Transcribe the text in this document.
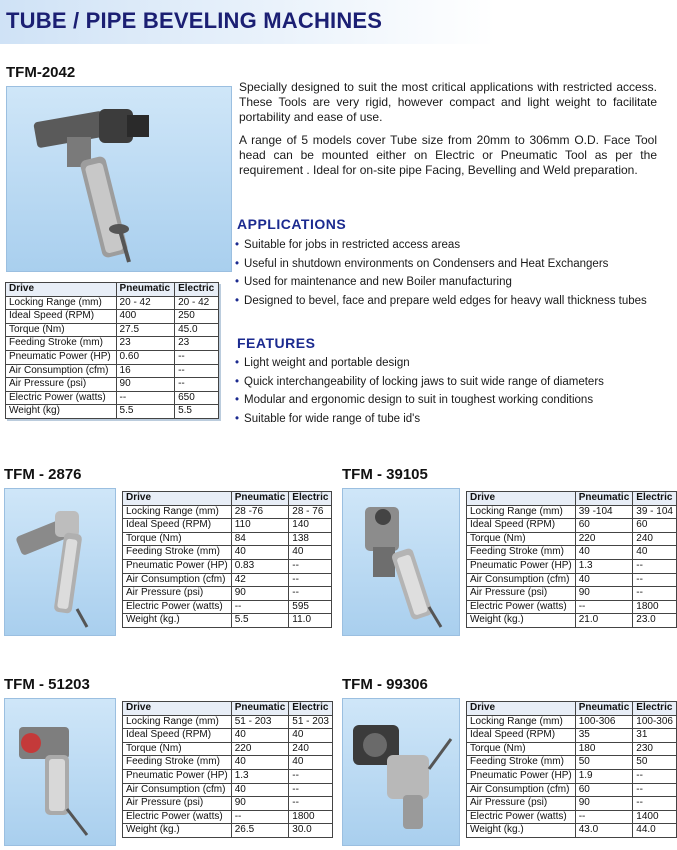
TUBE / PIPE BEVELING MACHINES
TFM-2042

Specially designed to suit the most critical applications with restricted access. These Tools are very rigid, however compact and light weight to facilitate portability and ease of use.

A range of 5 models cover Tube size from 20mm to 306mm O.D. Face Tool head can be mounted either on Electric or Pneumatic Tool as per the requirement . Ideal for on-site pipe Facing, Bevelling and Weld preparation.

APPLICATIONS
• Suitable for jobs in restricted access areas
• Useful in shutdown environments on Condensers and Heat Exchangers
• Used for maintenance and new Boiler manufacturing
• Designed to bevel, face and prepare weld edges for heavy wall thickness tubes
FEATURES
• Light weight and portable design
• Quick interchangeability of locking jaws to suit wide range of diameters
• Modular and ergonomic design to suit in toughest working conditions
• Suitable for wide range of tube id's
Drive	Pneumatic	Electric
Locking Range (mm)	20 - 42	20 - 42
Ideal Speed (RPM)	400	250
Torque (Nm)	27.5	45.0
Feeding Stroke (mm)	23	23
Pneumatic Power (HP)	0.60	--
Air Consumption (cfm)	16	--
Air Pressure (psi)	90	--
Electric Power (watts)	--	650
Weight (kg)	5.5	5.5
TFM - 2876
Drive	Pneumatic	Electric
Locking Range (mm)	28 -76	28 - 76
Ideal Speed (RPM)	110	140
Torque (Nm)	84	138
Feeding Stroke (mm)	40	40
Pneumatic Power (HP)	0.83	--
Air Consumption (cfm)	42	--
Air Pressure (psi)	90	--
Electric Power (watts)	--	595
Weight (kg.)	5.5	11.0
TFM - 39105
Drive	Pneumatic	Electric
Locking Range (mm)	39 -104	39 - 104
Ideal Speed (RPM)	60	60
Torque (Nm)	220	240
Feeding Stroke (mm)	40	40
Pneumatic Power (HP)	1.3	--
Air Consumption (cfm)	40	--
Air Pressure (psi)	90	--
Electric Power (watts)	--	1800
Weight (kg.)	21.0	23.0
TFM - 51203
Drive	Pneumatic	Electric
Locking Range (mm)	51 - 203	51 - 203
Ideal Speed (RPM)	40	40
Torque (Nm)	220	240
Feeding Stroke (mm)	40	40
Pneumatic Power (HP)	1.3	--
Air Consumption (cfm)	40	--
Air Pressure (psi)	90	--
Electric Power (watts)	--	1800
Weight (kg.)	26.5	30.0
TFM - 99306
Drive	Pneumatic	Electric
Locking Range (mm)	100-306	100-306
Ideal Speed (RPM)	35	31
Torque (Nm)	180	230
Feeding Stroke (mm)	50	50
Pneumatic Power (HP)	1.9	--
Air Consumption (cfm)	60	--
Air Pressure (psi)	90	--
Electric Power (watts)	--	1400
Weight (kg.)	43.0	44.0
